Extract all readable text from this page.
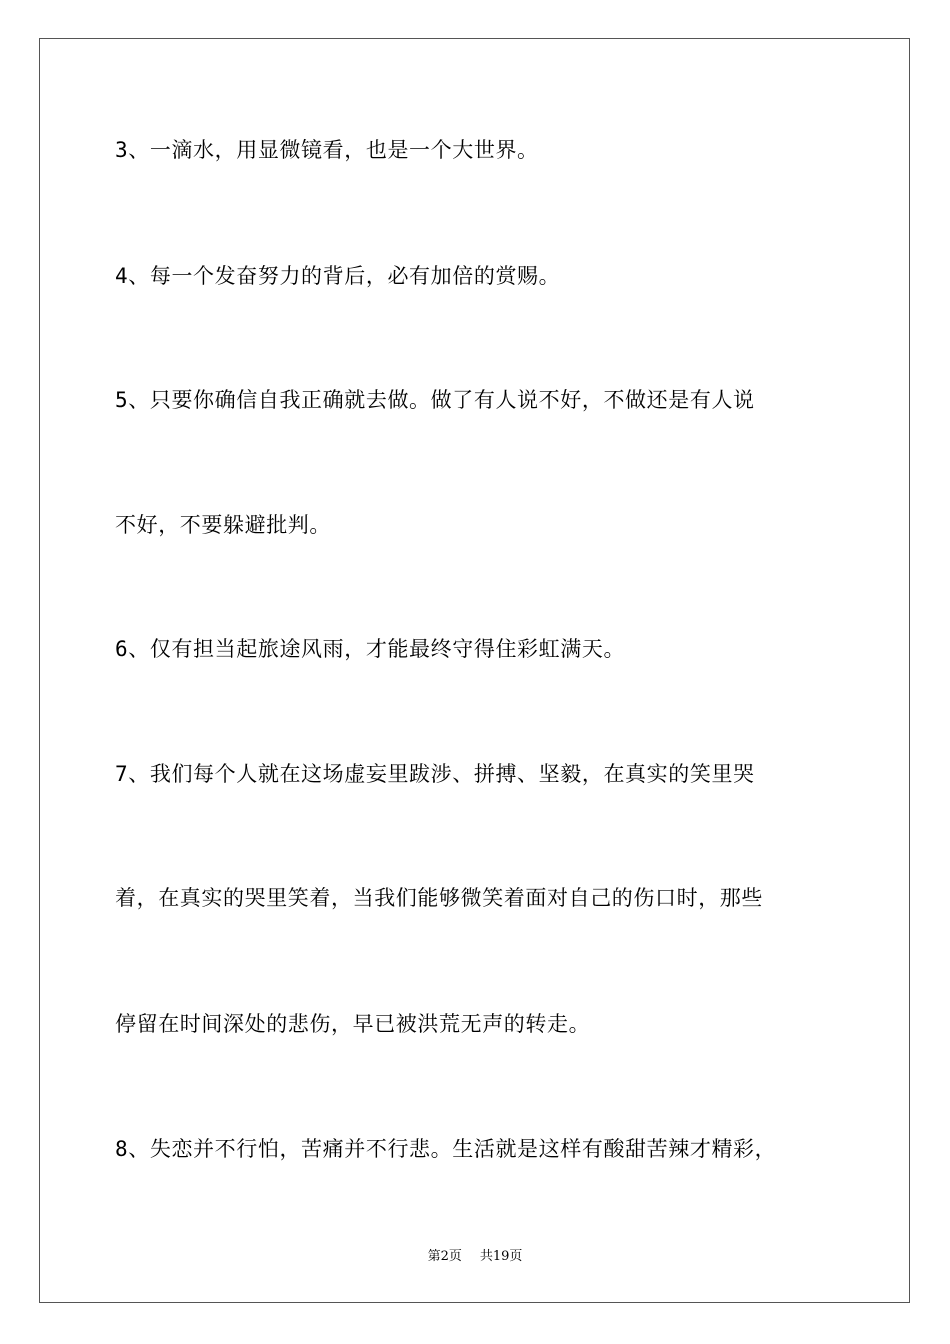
3、一滴水，用显微镜看，也是一个大世界。
4、每一个发奋努力的背后，必有加倍的赏赐。
5、只要你确信自我正确就去做。做了有人说不好，不做还是有人说
不好，不要躲避批判。
6、仅有担当起旅途风雨，才能最终守得住彩虹满天。
7、我们每个人就在这场虚妄里跋涉、拼搏、坚毅，在真实的笑里哭
着，在真实的哭里笑着，当我们能够微笑着面对自己的伤口时，那些
停留在时间深处的悲伤，早已被洪荒无声的转走。
8、失恋并不行怕，苦痛并不行悲。生活就是这样有酸甜苦辣才精彩，
第2页 共19页
